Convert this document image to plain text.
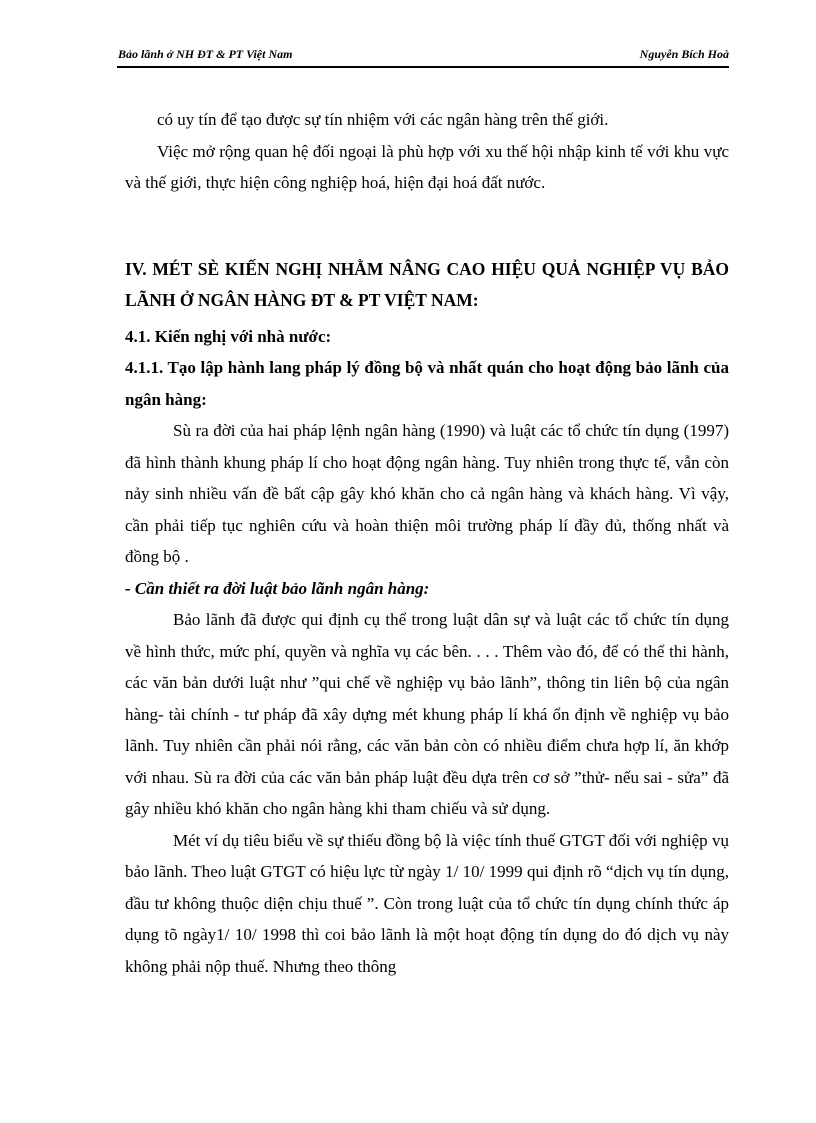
Bảo lãnh ở NH ĐT & PT Việt Nam	Nguyễn Bích Hoà

có uy tín để tạo được sự tín nhiệm với các ngân hàng trên thế giới.

Việc mở rộng quan hệ đối ngoại là phù hợp với xu thế hội nhập kinh tế với khu vực và thế giới, thực hiện công nghiệp hoá, hiện đại hoá đất nước.

IV. MÉT SÈ KIẾN NGHỊ NHẰM NÂNG CAO HIỆU QUẢ NGHIỆP VỤ BẢO LÃNH Ở NGÂN HÀNG ĐT & PT VIỆT NAM:

4.1. Kiến nghị với nhà nước:

4.1.1. Tạo lập hành lang pháp lý đồng bộ và nhất quán cho hoạt động bảo lãnh của ngân hàng:

Sù ra đời của hai pháp lệnh ngân hàng (1990) và luật các tổ chức tín dụng (1997) đã hình thành khung pháp lí cho hoạt động ngân hàng. Tuy nhiên trong thực tế, vẫn còn nảy sinh nhiều vấn đề bất cập gây khó khăn cho cả ngân hàng và khách hàng. Vì vậy, cần phải tiếp tục nghiên cứu và hoàn thiện môi trường pháp lí đầy đủ, thống nhất và đồng bộ .

- Cần thiết ra đời luật bảo lãnh ngân hàng:

Bảo lãnh đã được qui định cụ thể trong luật dân sự và luật các tổ chức tín dụng về hình thức, mức phí, quyền và nghĩa vụ các bên. . . . Thêm vào đó, để có thể thi hành, các văn bản dưới luật như ”qui chế về nghiệp vụ bảo lãnh”, thông tin liên bộ của ngân hàng- tài chính - tư pháp đã xây dựng mét khung pháp lí khá ổn định về nghiệp vụ bảo lãnh. Tuy nhiên cần phải nói rằng, các văn bản còn có nhiều điểm chưa hợp lí, ăn khớp với nhau. Sù ra đời của các văn bản pháp luật đều dựa trên cơ sở ”thử- nếu sai - sửa” đã gây nhiều khó khăn cho ngân hàng khi tham chiếu và sử dụng.

Mét ví dụ tiêu biểu về sự thiếu đồng bộ là việc tính thuế GTGT đối với nghiệp vụ bảo lãnh. Theo luật GTGT có hiệu lực từ ngày 1/ 10/ 1999 qui định rõ “dịch vụ tín dụng, đầu tư không thuộc diện chịu thuế ”. Còn trong luật của tổ chức tín dụng chính thức áp dụng tõ ngày1/ 10/ 1998 thì coi bảo lãnh là một hoạt động tín dụng do đó dịch vụ này không phải nộp thuế. Nhưng theo thông
